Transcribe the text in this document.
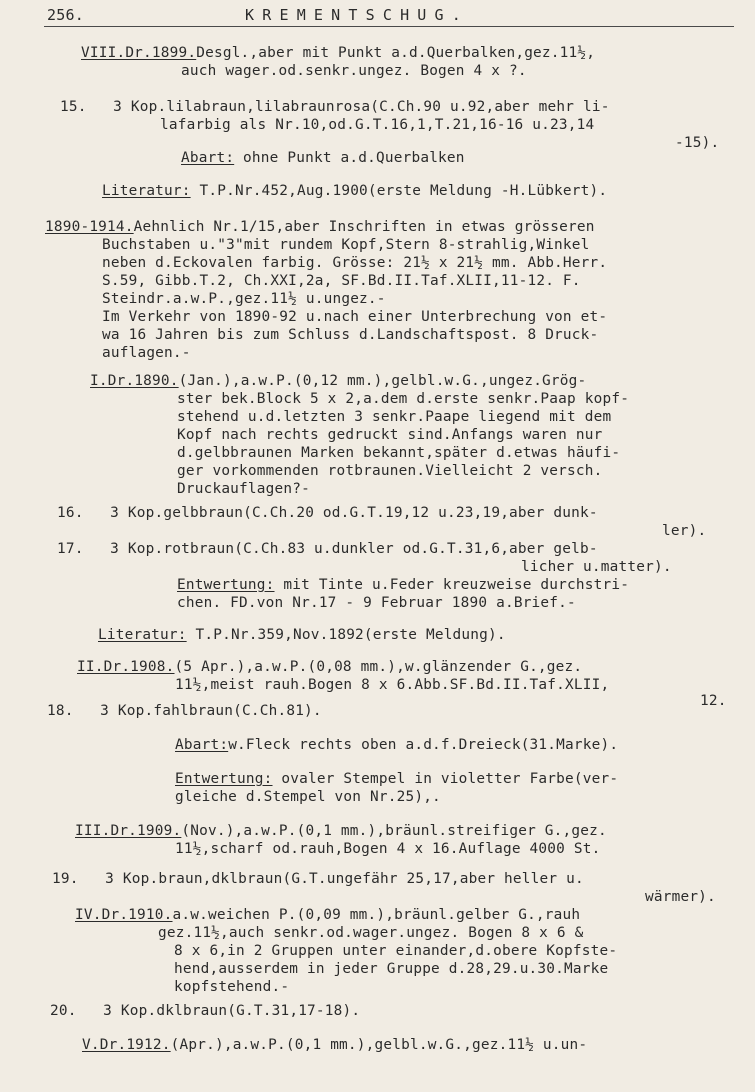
256.	KREMENTSCHUG.
VIII.Dr.1899.Desgl.,aber mit Punkt a.d.Querbalken,gez.11½,
auch wager.od.senkr.ungez. Bogen 4 x ?.
15.   3 Kop.lilabraun,lilabraunrosa(C.Ch.90 u.92,aber mehr li-
lafarbig als Nr.10,od.G.T.16,1,T.21,16-16 u.23,14
-15).
Abart: ohne Punkt a.d.Querbalken
Literatur: T.P.Nr.452,Aug.1900(erste Meldung -H.Lübkert).
1890-1914.Aehnlich Nr.1/15,aber Inschriften in etwas grösseren
Buchstaben u."3"mit rundem Kopf,Stern 8-strahlig,Winkel
neben d.Eckovalen farbig. Grösse: 21½ x 21½ mm. Abb.Herr.
S.59, Gibb.T.2, Ch.XXI,2a, SF.Bd.II.Taf.XLII,11-12. F.
Steindr.a.w.P.,gez.11½ u.ungez.-
Im Verkehr von 1890-92 u.nach einer Unterbrechung von et-
wa 16 Jahren bis zum Schluss d.Landschaftspost. 8 Druck-
auflagen.-
I.Dr.1890.(Jan.),a.w.P.(0,12 mm.),gelbl.w.G.,ungez.Grög-
ster bek.Block 5 x 2,a.dem d.erste senkr.Paap kopf-
stehend u.d.letzten 3 senkr.Paape liegend mit dem
Kopf nach rechts gedruckt sind.Anfangs waren nur
d.gelbbraunen Marken bekannt,später d.etwas häufi-
ger vorkommenden rotbraunen.Vielleicht 2 versch.
Druckauflagen?-
16.   3 Kop.gelbbraun(C.Ch.20 od.G.T.19,12 u.23,19,aber dunk-
ler).
17.   3 Kop.rotbraun(C.Ch.83 u.dunkler od.G.T.31,6,aber gelb-
licher u.matter).
Entwertung: mit Tinte u.Feder kreuzweise durchstri-
chen. FD.von Nr.17 - 9 Februar 1890 a.Brief.-
Literatur: T.P.Nr.359,Nov.1892(erste Meldung).
II.Dr.1908.(5 Apr.),a.w.P.(0,08 mm.),w.glänzender G.,gez.
11½,meist rauh.Bogen 8 x 6.Abb.SF.Bd.II.Taf.XLII,
12.
18.   3 Kop.fahlbraun(C.Ch.81).
Abart:w.Fleck rechts oben a.d.f.Dreieck(31.Marke).
Entwertung: ovaler Stempel in violetter Farbe(ver-
gleiche d.Stempel von Nr.25),.
III.Dr.1909.(Nov.),a.w.P.(0,1 mm.),bräunl.streifiger G.,gez.
11½,scharf od.rauh,Bogen 4 x 16.Auflage 4000 St.
19.   3 Kop.braun,dklbraun(G.T.ungefähr 25,17,aber heller u.
wärmer).
IV.Dr.1910.a.w.weichen P.(0,09 mm.),bräunl.gelber G.,rauh
gez.11½,auch senkr.od.wager.ungez. Bogen 8 x 6 &
8 x 6,in 2 Gruppen unter einander,d.obere Kopfste-
hend,ausserdem in jeder Gruppe d.28,29.u.30.Marke
kopfstehend.-
20.   3 Kop.dklbraun(G.T.31,17-18).
V.Dr.1912.(Apr.),a.w.P.(0,1 mm.),gelbl.w.G.,gez.11½ u.un-
